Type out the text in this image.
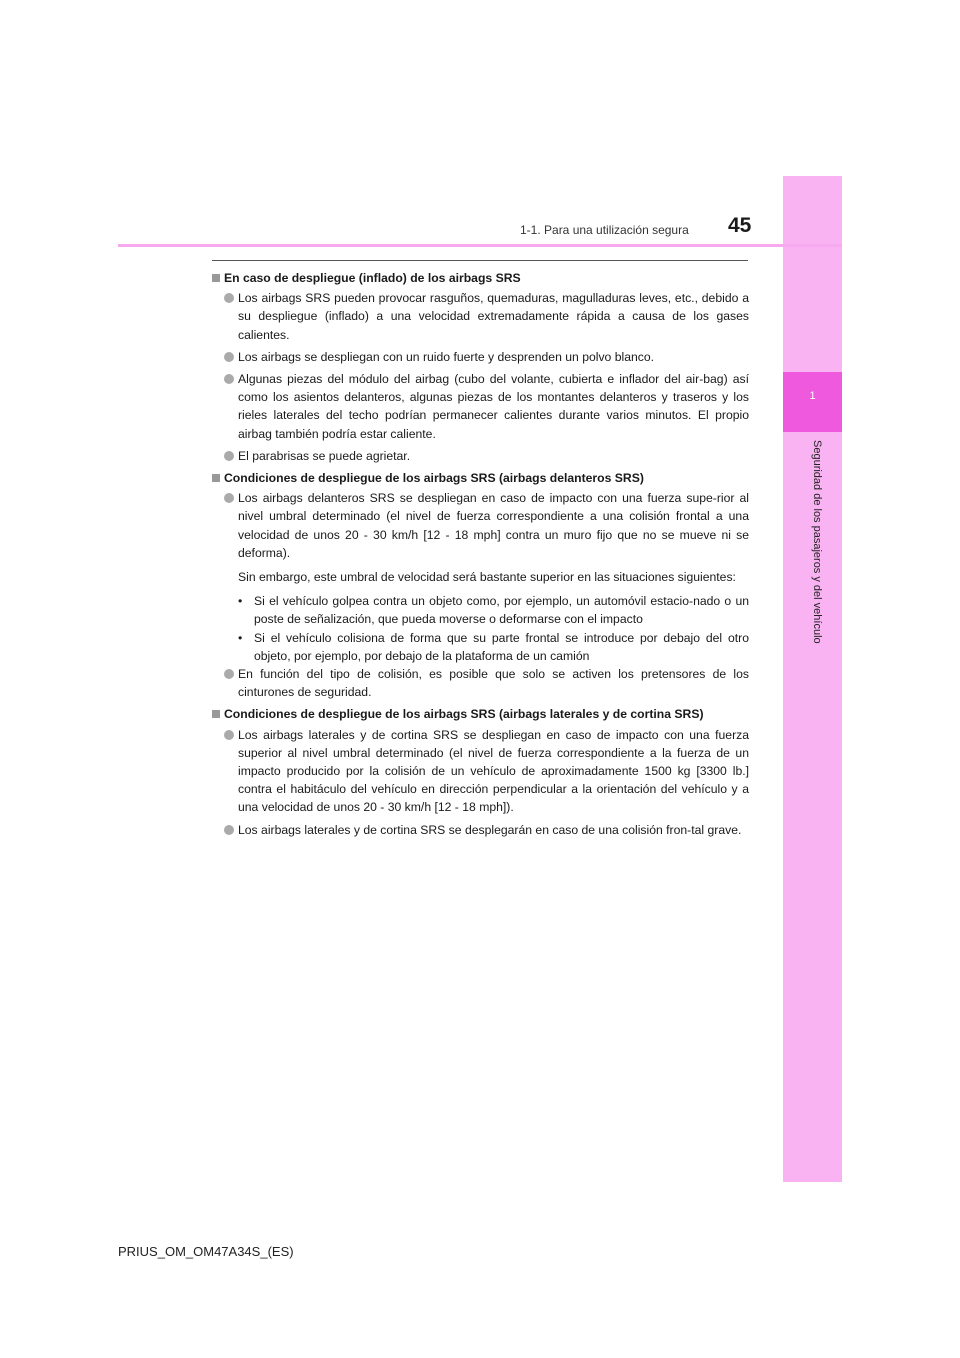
1
Seguridad de los pasajeros y del vehículo
1-1. Para una utilización segura 45
En caso de despliegue (inflado) de los airbags SRS
Los airbags SRS pueden provocar rasguños, quemaduras, magulladuras leves, etc., debido a su despliegue (inflado) a una velocidad extremadamente rápida a causa de los gases calientes.
Los airbags se despliegan con un ruido fuerte y desprenden un polvo blanco.
Algunas piezas del módulo del airbag (cubo del volante, cubierta e inflador del air-bag) así como los asientos delanteros, algunas piezas de los montantes delanteros y traseros y los rieles laterales del techo podrían permanecer calientes durante varios minutos. El propio airbag también podría estar caliente.
El parabrisas se puede agrietar.
Condiciones de despliegue de los airbags SRS (airbags delanteros SRS)
Los airbags delanteros SRS se despliegan en caso de impacto con una fuerza supe-rior al nivel umbral determinado (el nivel de fuerza correspondiente a una colisión frontal a una velocidad de unos 20 - 30 km/h [12 - 18 mph] contra un muro fijo que no se mueve ni se deforma).
Sin embargo, este umbral de velocidad será bastante superior en las situaciones siguientes:
• Si el vehículo golpea contra un objeto como, por ejemplo, un automóvil estacio-nado o un poste de señalización, que pueda moverse o deformarse con el impacto
• Si el vehículo colisiona de forma que su parte frontal se introduce por debajo del otro objeto, por ejemplo, por debajo de la plataforma de un camión
En función del tipo de colisión, es posible que solo se activen los pretensores de los cinturones de seguridad.
Condiciones de despliegue de los airbags SRS (airbags laterales y de cortina SRS)
Los airbags laterales y de cortina SRS se despliegan en caso de impacto con una fuerza superior al nivel umbral determinado (el nivel de fuerza correspondiente a la fuerza de un impacto producido por la colisión de un vehículo de aproximadamente 1500 kg [3300 lb.] contra el habitáculo del vehículo en dirección perpendicular a la orientación del vehículo y a una velocidad de unos 20 - 30 km/h [12 - 18 mph]).
Los airbags laterales y de cortina SRS se desplegarán en caso de una colisión fron-tal grave.
PRIUS_OM_OM47A34S_(ES)
